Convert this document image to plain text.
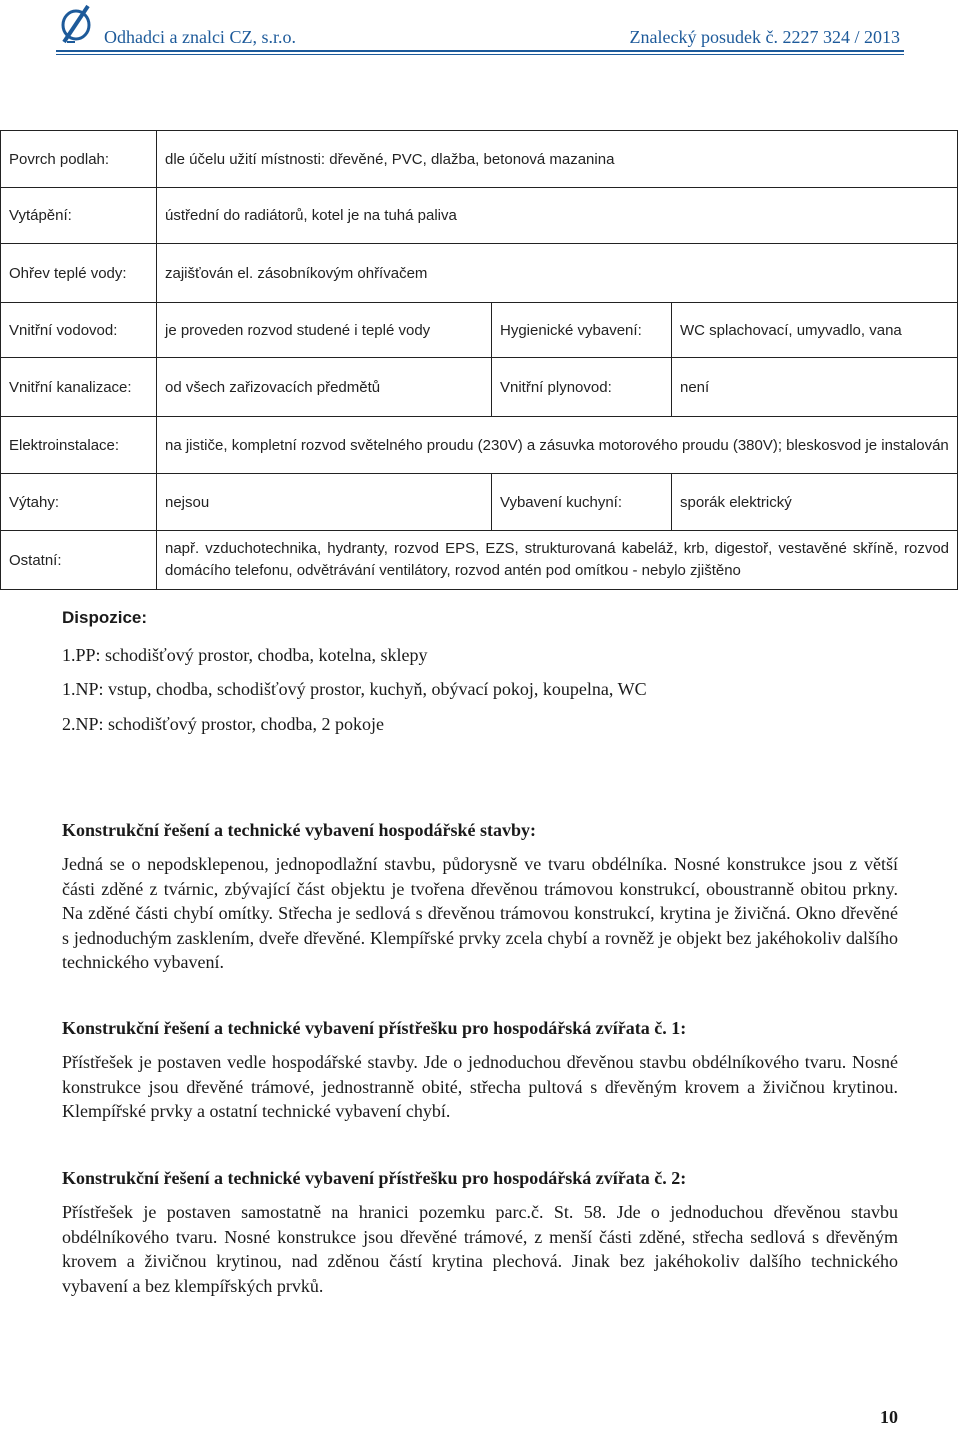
Odhadci a znalci CZ, s.r.o.	Znalecký posudek č. 2227 324 / 2013
Povrch podlah:	dle účelu užití místnosti: dřevěné, PVC, dlažba, betonová mazanina		
Vytápění:	ústřední do radiátorů, kotel je na tuhá paliva		
Ohřev teplé vody:	zajišťován el. zásobníkovým ohřívačem		
Vnitřní vodovod:	je proveden rozvod studené i teplé vody	Hygienické vybavení:	WC splachovací, umyvadlo, vana
Vnitřní kanalizace:	od všech zařizovacích předmětů	Vnitřní plynovod:	není
Elektroinstalace:	na jističe, kompletní rozvod světelného proudu (230V) a zásuvka motorového proudu (380V); bleskosvod je instalován		
Výtahy:	nejsou	Vybavení kuchyní:	sporák elektrický
Ostatní:	např. vzduchotechnika, hydranty, rozvod EPS, EZS, strukturovaná kabeláž, krb, digestoř, vestavěné skříně, rozvod domácího telefonu, odvětrávání ventilátory, rozvod antén pod omítkou - nebylo zjištěno		
Dispozice:
1.PP: schodišťový prostor, chodba, kotelna, sklepy
1.NP: vstup, chodba, schodišťový prostor, kuchyň, obývací pokoj, koupelna, WC
2.NP: schodišťový prostor, chodba, 2 pokoje
Konstrukční řešení a technické vybavení hospodářské stavby:

Jedná se o nepodsklepenou, jednopodlažní stavbu, půdorysně ve tvaru obdélníka. Nosné konstrukce jsou z větší části zděné z tvárnic, zbývající část objektu je tvořena dřevěnou trámovou konstrukcí, oboustranně obitou prkny. Na zděné části chybí omítky. Střecha je sedlová s dřevěnou trámovou konstrukcí, krytina je živičná. Okno dřevěné s jednoduchým zasklením, dveře dřevěné. Klempířské prvky zcela chybí a rovněž je objekt bez jakéhokoliv dalšího technického vybavení.

Konstrukční řešení a technické vybavení přístřešku pro hospodářská zvířata č. 1:

Přístřešek je postaven vedle hospodářské stavby. Jde o jednoduchou dřevěnou stavbu obdélníkového tvaru. Nosné konstrukce jsou dřevěné trámové, jednostranně obité, střecha pultová s dřevěným krovem a živičnou krytinou. Klempířské prvky a ostatní technické vybavení chybí.

Konstrukční řešení a technické vybavení přístřešku pro hospodářská zvířata č. 2:

Přístřešek je postaven samostatně na hranici pozemku parc.č. St. 58. Jde o jednoduchou dřevěnou stavbu obdélníkového tvaru. Nosné konstrukce jsou dřevěné trámové, z menší části zděné, střecha sedlová s dřevěným krovem a živičnou krytinou, nad zděnou částí krytina plechová. Jinak bez jakéhokoliv dalšího technického vybavení a bez klempířských prvků.

10
